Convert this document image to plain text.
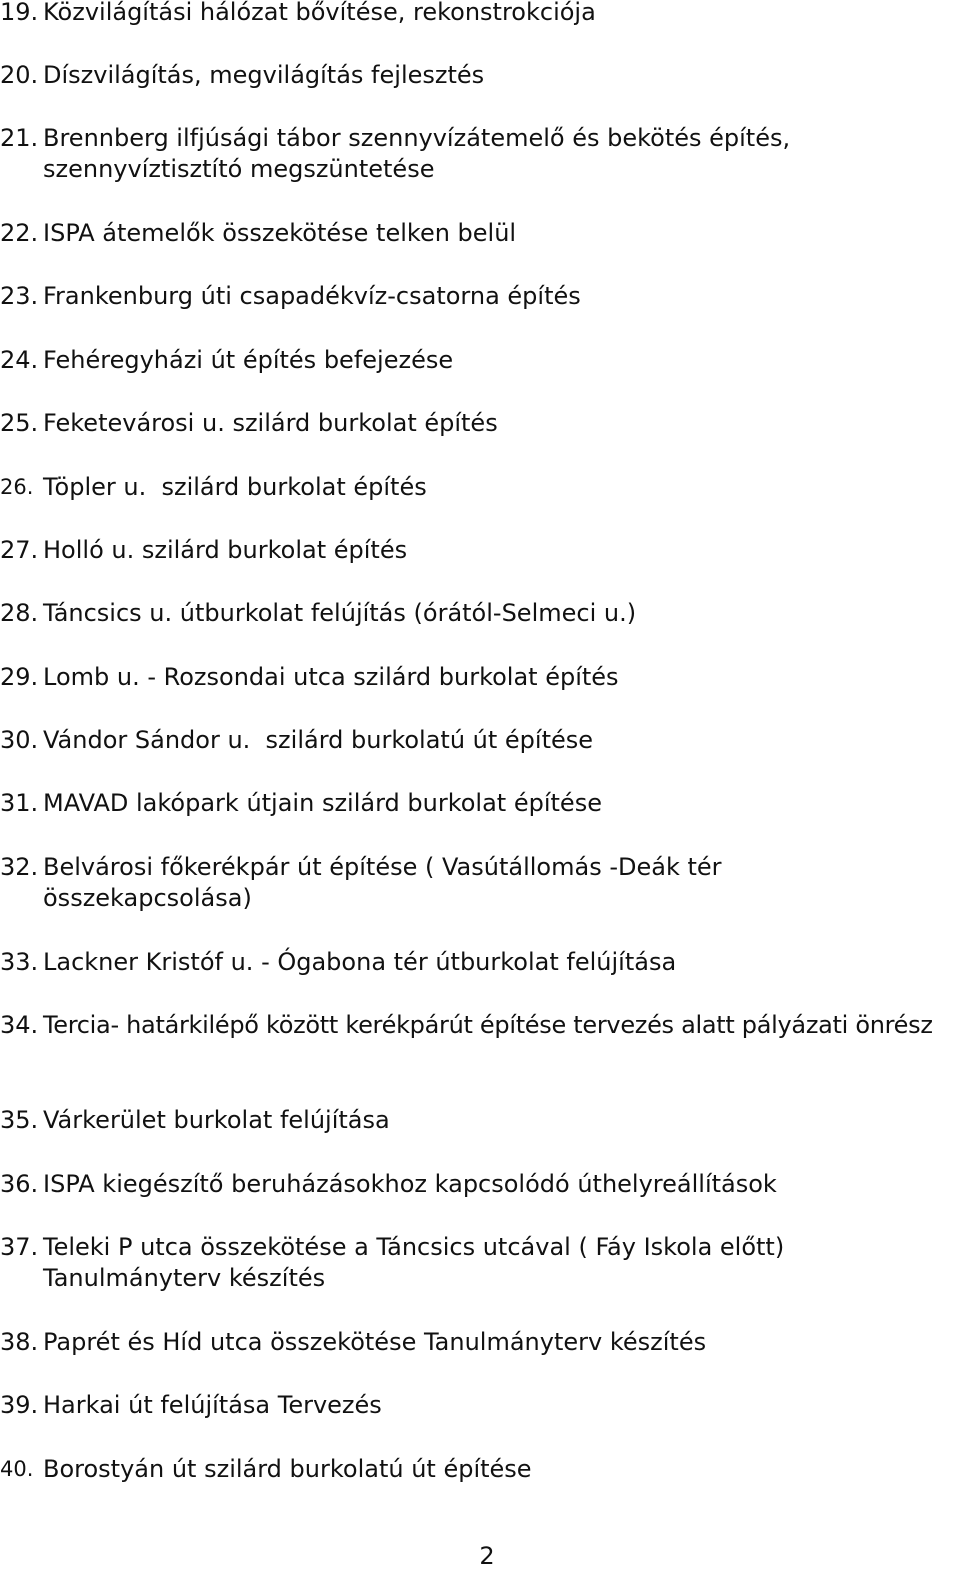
19. Közvilágítási hálózat bővítése, rekonstrokciója
20. Díszvilágítás, megvilágítás fejlesztés
21. Brennberg ilfjúsági tábor szennyvízátemelő és bekötés építés, szennyvíztisztító megszüntetése
22. ISPA átemelők összekötése telken belül
23. Frankenburg úti csapadékvíz-csatorna építés
24. Fehéregyházi út építés befejezése
25. Feketevárosi u. szilárd burkolat építés
26. Töpler u.  szilárd burkolat építés
27. Holló u. szilárd burkolat építés
28. Táncsics u. útburkolat felújítás (órától-Selmeci u.)
29. Lomb u. - Rozsondai utca szilárd burkolat építés
30. Vándor Sándor u.  szilárd burkolatú út építése
31. MAVAD lakópark útjain szilárd burkolat építése
32. Belvárosi főkerékpár út építése ( Vasútállomás -Deák tér összekapcsolása)
33. Lackner Kristóf u. - Ógabona tér útburkolat felújítása
34. Tercia- határkilépő között kerékpárút építése tervezés alatt pályázati önrész
35. Várkerület burkolat felújítása
36. ISPA kiegészítő beruházásokhoz kapcsolódó úthelyreállítások
37. Teleki P utca összekötése a Táncsics utcával ( Fáy Iskola előtt) Tanulmányterv készítés
38. Paprét és Híd utca összekötése Tanulmányterv készítés
39. Harkai út felújítása Tervezés
40. Borostyán út szilárd burkolatú út építése
2
